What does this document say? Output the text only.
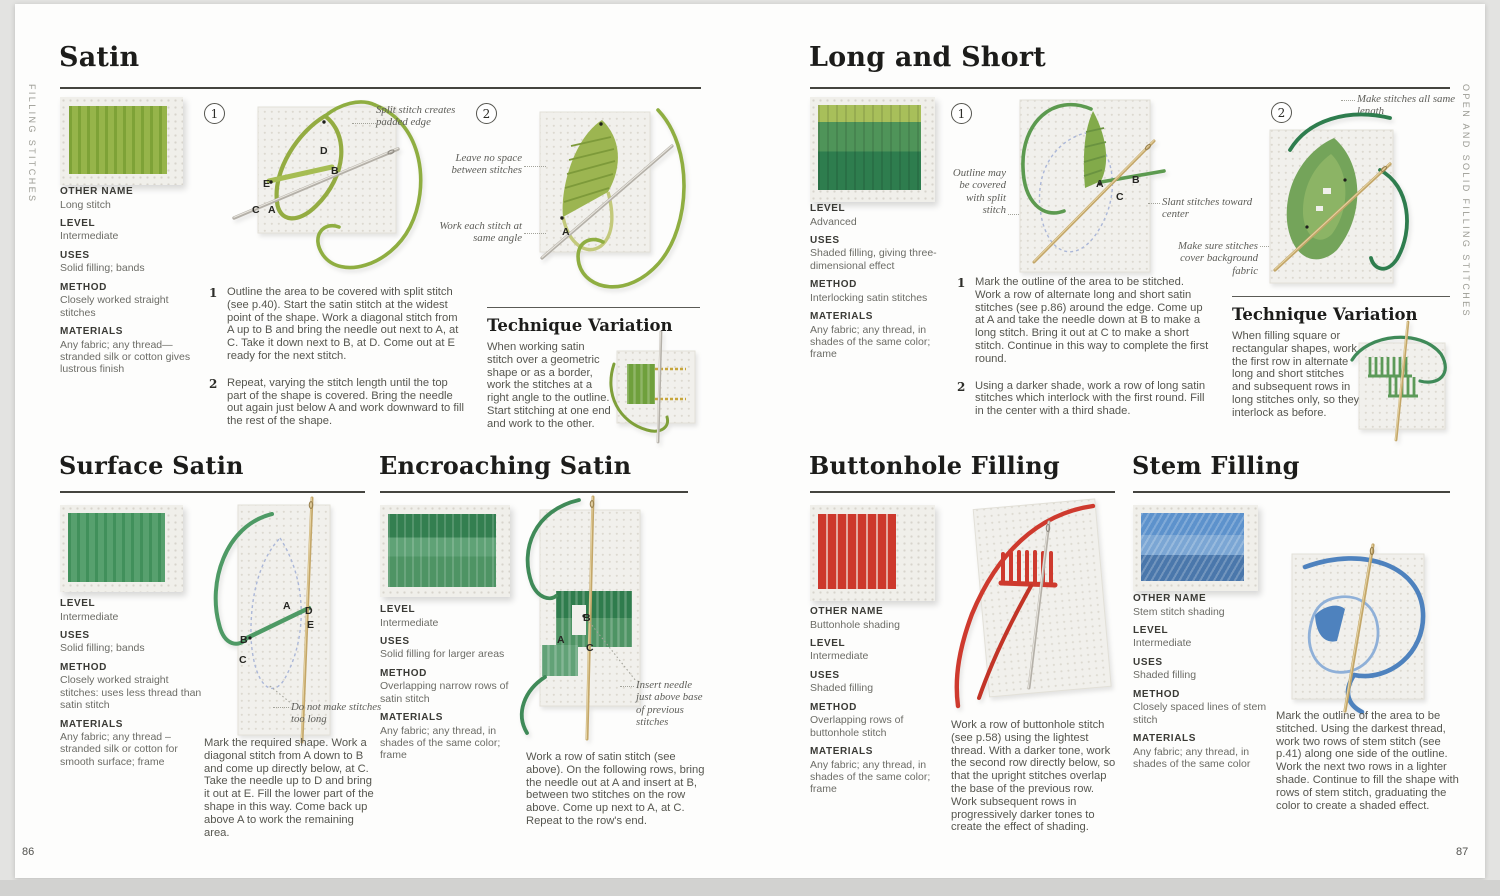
FILLING STITCHES	OPEN AND SOLID FILLING STITCHES
86	87
Satin
OTHER NAME
Long stitch
LEVEL
Intermediate
USES
Solid filling; bands
METHOD
Closely worked straight stitches
MATERIALS
Any fabric; any thread—stranded silk or cotton gives lustrous finish
1	2
D
B
E
C A
A
Split stitch creates padded edge
Leave no space between stitches
Work each stitch at same angle
1 Outline the area to be covered with split stitch (see p.40). Start the satin stitch at the widest point of the shape. Work a diagonal stitch from A up to B and bring the needle out next to A, at C. Take it down next to B, at D. Come out at E ready for the next stitch.
2 Repeat, varying the stitch length until the top part of the shape is covered. Bring the needle out again just below A and work downward to fill the rest of the shape.
Technique Variation
When working satin stitch over a geometric shape or as a border, work the stitches at a right angle to the outline. Start stitching at one end and work to the other.
Surface Satin
LEVEL
Intermediate
USES
Solid filling; bands
METHOD
Closely worked straight stitches: uses less thread than satin stitch
MATERIALS
Any fabric; any thread – stranded silk or cotton for smooth surface; frame
A D
E
B
C
Do not make stitches too long
Mark the required shape. Work a diagonal stitch from A down to B and come up directly below, at C. Take the needle up to D and bring it out at E. Fill the lower part of the shape in this way. Come back up above A to work the remaining area.
Encroaching Satin
LEVEL
Intermediate
USES
Solid filling for larger areas
METHOD
Overlapping narrow rows of satin stitch
MATERIALS
Any fabric; any thread, in shades of the same color; frame
B
A
C
Insert needle just above base of previous stitches
Work a row of satin stitch (see above). On the following rows, bring the needle out at A and insert at B, between two stitches on the row above. Come up next to A, at C. Repeat to the row's end.
Long and Short
LEVEL
Advanced
USES
Shaded filling, giving three-dimensional effect
METHOD
Interlocking satin stitches
MATERIALS
Any fabric; any thread, in shades of the same color; frame
1	2
Outline may be covered with split stitch
A	B
C	Slant stitches toward center
Make sure stitches cover background fabric
Make stitches all same length
1 Mark the outline of the area to be stitched. Work a row of alternate long and short satin stitches (see p.86) around the edge. Come up at A and take the needle down at B to make a long stitch. Bring it out at C to make a short stitch. Continue in this way to complete the first round.
2 Using a darker shade, work a row of long satin stitches which interlock with the first round. Fill in the center with a third shade.
Technique Variation
When filling square or rectangular shapes, work the first row in alternate long and short stitches and subsequent rows in long stitches only, so they interlock as before.
Buttonhole Filling
OTHER NAME
Buttonhole shading
LEVEL
Intermediate
USES
Shaded filling
METHOD
Overlapping rows of buttonhole stitch
MATERIALS
Any fabric; any thread, in shades of the same color; frame
Work a row of buttonhole stitch (see p.58) using the lightest thread. With a darker tone, work the second row directly below, so that the upright stitches overlap the base of the previous row. Work subsequent rows in progressively darker tones to create the effect of shading.
Stem Filling
OTHER NAME
Stem stitch shading
LEVEL
Intermediate
USES
Shaded filling
METHOD
Closely spaced lines of stem stitch
MATERIALS
Any fabric; any thread, in shades of the same color
Mark the outline of the area to be stitched. Using the darkest thread, work two rows of stem stitch (see p.41) along one side of the outline. Work the next two rows in a lighter shade. Continue to fill the shape with rows of stem stitch, graduating the color to create a shaded effect.
